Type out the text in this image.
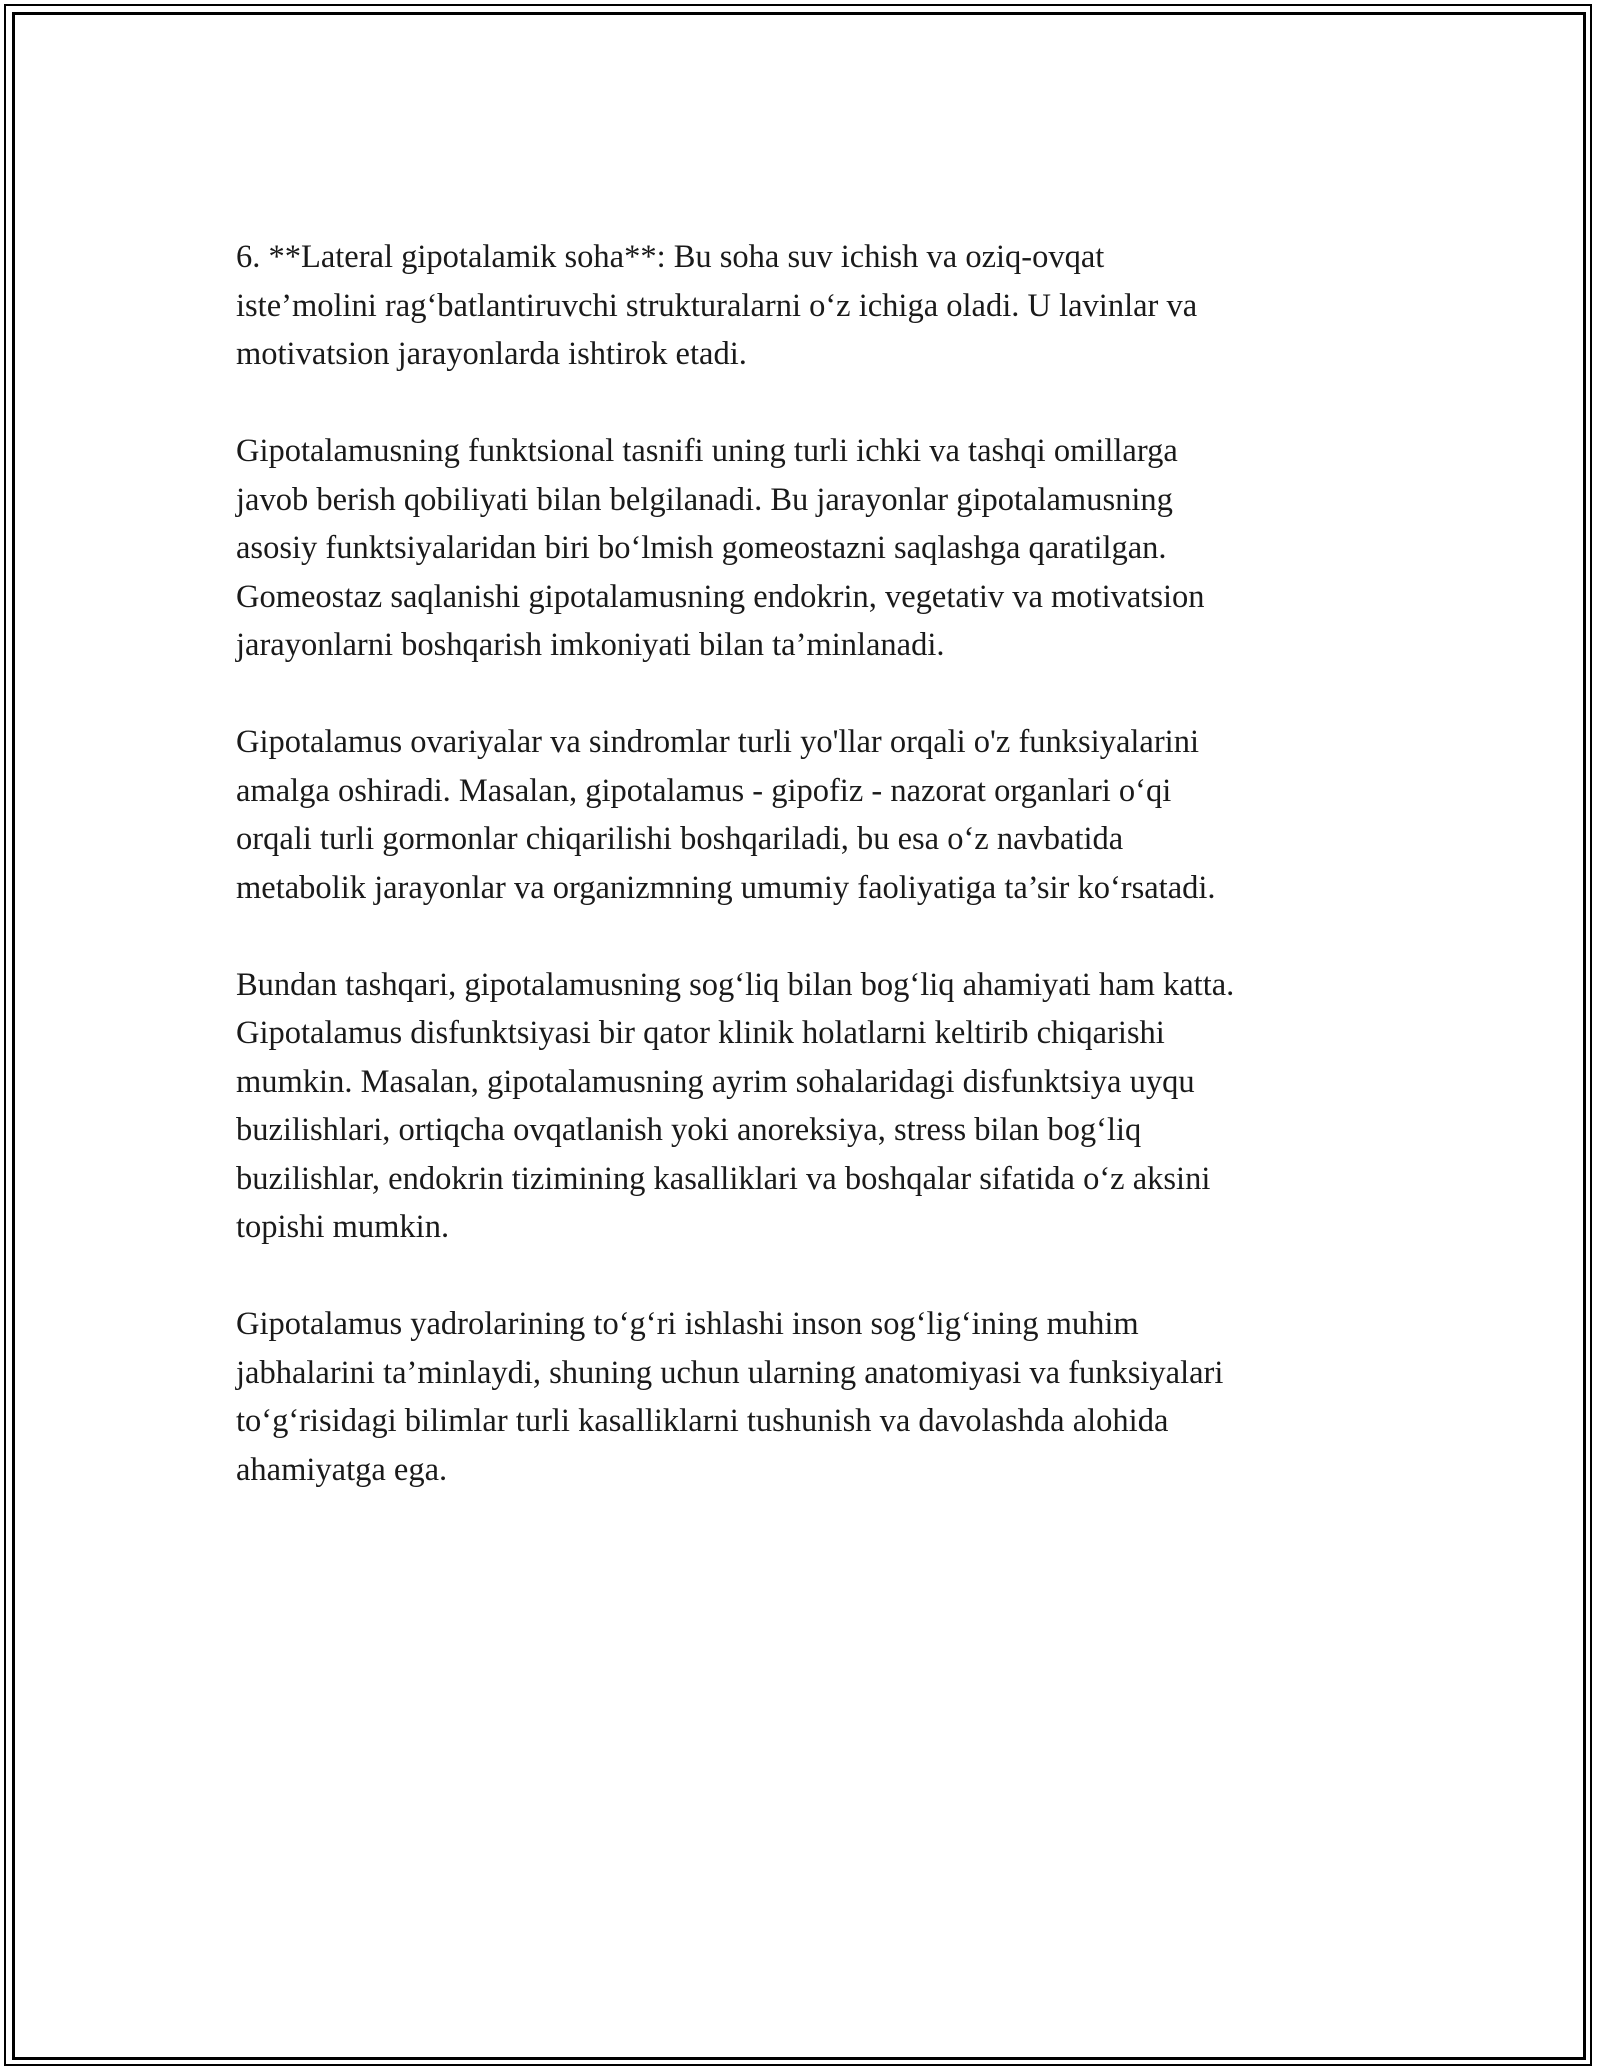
6. **Lateral gipotalamik soha**: Bu soha suv ichish va oziq-ovqat
iste’molini rag‘batlantiruvchi strukturalarni o‘z ichiga oladi. U lavinlar va
motivatsion jarayonlarda ishtirok etadi.

Gipotalamusning funktsional tasnifi uning turli ichki va tashqi omillarga
javob berish qobiliyati bilan belgilanadi. Bu jarayonlar gipotalamusning
asosiy funktsiyalaridan biri bo‘lmish gomeostazni saqlashga qaratilgan.
Gomeostaz saqlanishi gipotalamusning endokrin, vegetativ va motivatsion
jarayonlarni boshqarish imkoniyati bilan ta’minlanadi.

Gipotalamus ovariyalar va sindromlar turli yo'llar orqali o'z funksiyalarini
amalga oshiradi. Masalan, gipotalamus - gipofiz - nazorat organlari o‘qi
orqali turli gormonlar chiqarilishi boshqariladi, bu esa o‘z navbatida
metabolik jarayonlar va organizmning umumiy faoliyatiga ta’sir ko‘rsatadi.

Bundan tashqari, gipotalamusning sog‘liq bilan bog‘liq ahamiyati ham katta.
Gipotalamus disfunktsiyasi bir qator klinik holatlarni keltirib chiqarishi
mumkin. Masalan, gipotalamusning ayrim sohalaridagi disfunktsiya uyqu
buzilishlari, ortiqcha ovqatlanish yoki anoreksiya, stress bilan bog‘liq
buzilishlar, endokrin tizimining kasalliklari va boshqalar sifatida o‘z aksini
topishi mumkin.

Gipotalamus yadrolarining to‘g‘ri ishlashi inson sog‘lig‘ining muhim
jabhalarini ta’minlaydi, shuning uchun ularning anatomiyasi va funksiyalari
to‘g‘risidagi bilimlar turli kasalliklarni tushunish va davolashda alohida
ahamiyatga ega.
